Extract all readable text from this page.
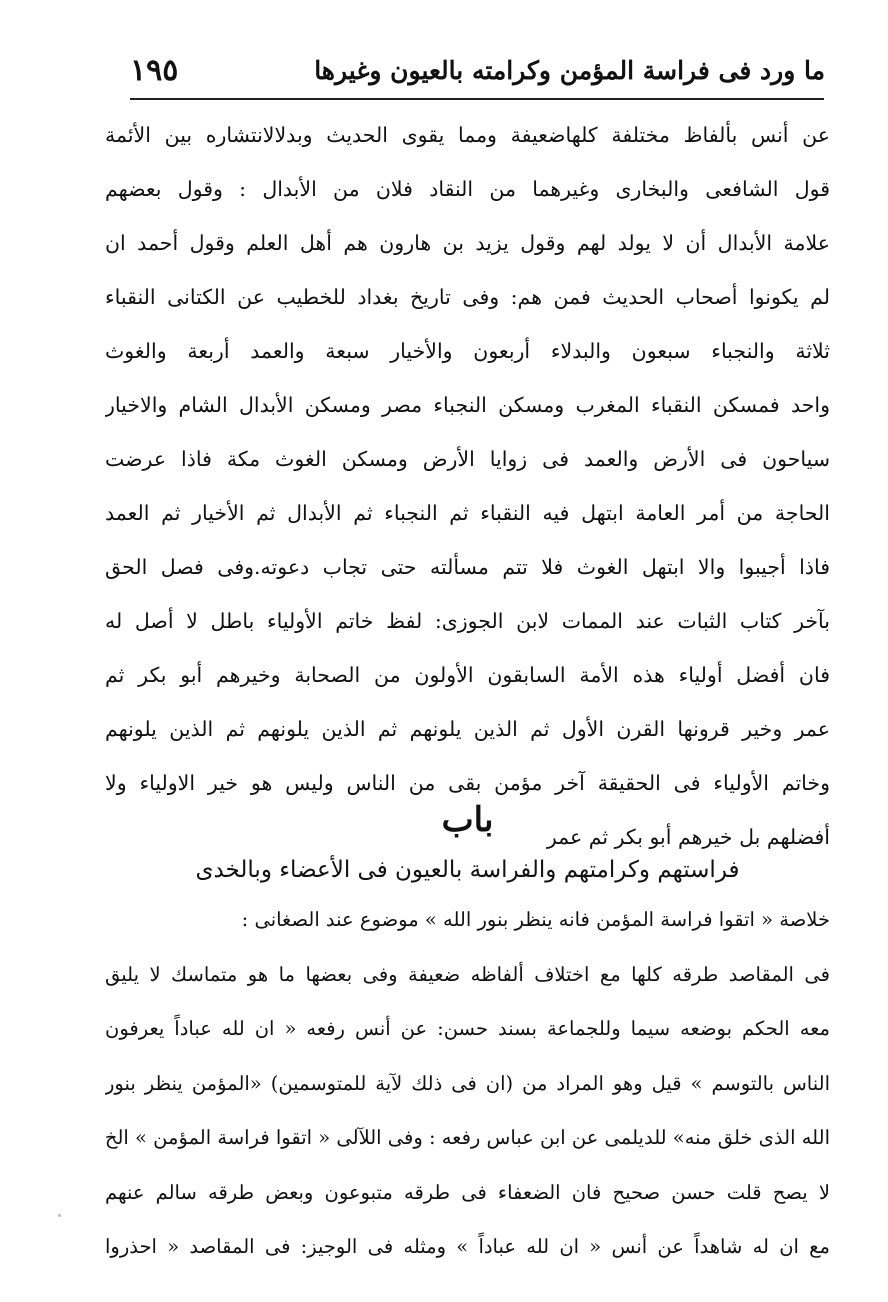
ما ورد فى فراسة المؤمن وكرامته بالعيون وغيرها
١٩٥
عن أنس بألفاظ مختلفة كلهاضعيفة ومما يقوى الحديث وبدلالانتشاره بين الأئمة
قول الشافعى والبخارى وغيرهما من النقاد فلان من الأبدال : وقول بعضهم
علامة الأبدال أن لا يولد لهم وقول يزيد بن هارون هم أهل العلم وقول أحمد ان
لم يكونوا أصحاب الحديث فمن هم: وفى تاريخ بغداد للخطيب عن الكتانى النقباء
ثلاثة والنجباء سبعون والبدلاء أربعون والأخيار سبعة والعمد أربعة والغوث
واحد فمسكن النقباء المغرب ومسكن النجباء مصر ومسكن الأبدال الشام والاخيار
سياحون فى الأرض والعمد فى زوايا الأرض ومسكن الغوث مكة فاذا عرضت
الحاجة من أمر العامة ابتهل فيه النقباء ثم النجباء ثم الأبدال ثم الأخيار ثم العمد
فاذا أجيبوا والا ابتهل الغوث فلا تتم مسألته حتى تجاب دعوته.وفى فصل الحق
بآخر كتاب الثبات عند الممات لابن الجوزى: لفظ خاتم الأولياء باطل لا أصل له
فان أفضل أولياء هذه الأمة السابقون الأولون من الصحابة وخيرهم أبو بكر ثم
عمر وخير قرونها القرن الأول ثم الذين يلونهم ثم الذين يلونهم ثم الذين يلونهم
وخاتم الأولياء فى الحقيقة آخر مؤمن بقى من الناس وليس هو خير الاولياء ولا
أفضلهم بل خيرهم أبو بكر ثم عمر
باب
فراستهم وكرامتهم والفراسة بالعيون فى الأعضاء وبالخدى
خلاصة « اتقوا فراسة المؤمن فانه ينظر بنور الله » موضوع عند الصغانى :
فى المقاصد طرقه كلها مع اختلاف ألفاظه ضعيفة وفى بعضها ما هو متماسك لا يليق
معه الحكم بوضعه سيما وللجماعة بسند حسن: عن أنس رفعه « ان لله عباداً يعرفون
الناس بالتوسم » قيل وهو المراد من (ان فى ذلك لآية للمتوسمين) «المؤمن ينظر بنور
الله الذى خلق منه» للديلمى عن ابن عباس رفعه : وفى اللآلى « اتقوا فراسة المؤمن » الخ
لا يصح قلت حسن صحيح فان الضعفاء فى طرقه متبوعون وبعض طرقه سالم عنهم
مع ان له شاهداً عن أنس « ان لله عباداً » ومثله فى الوجيز: فى المقاصد « احذروا
